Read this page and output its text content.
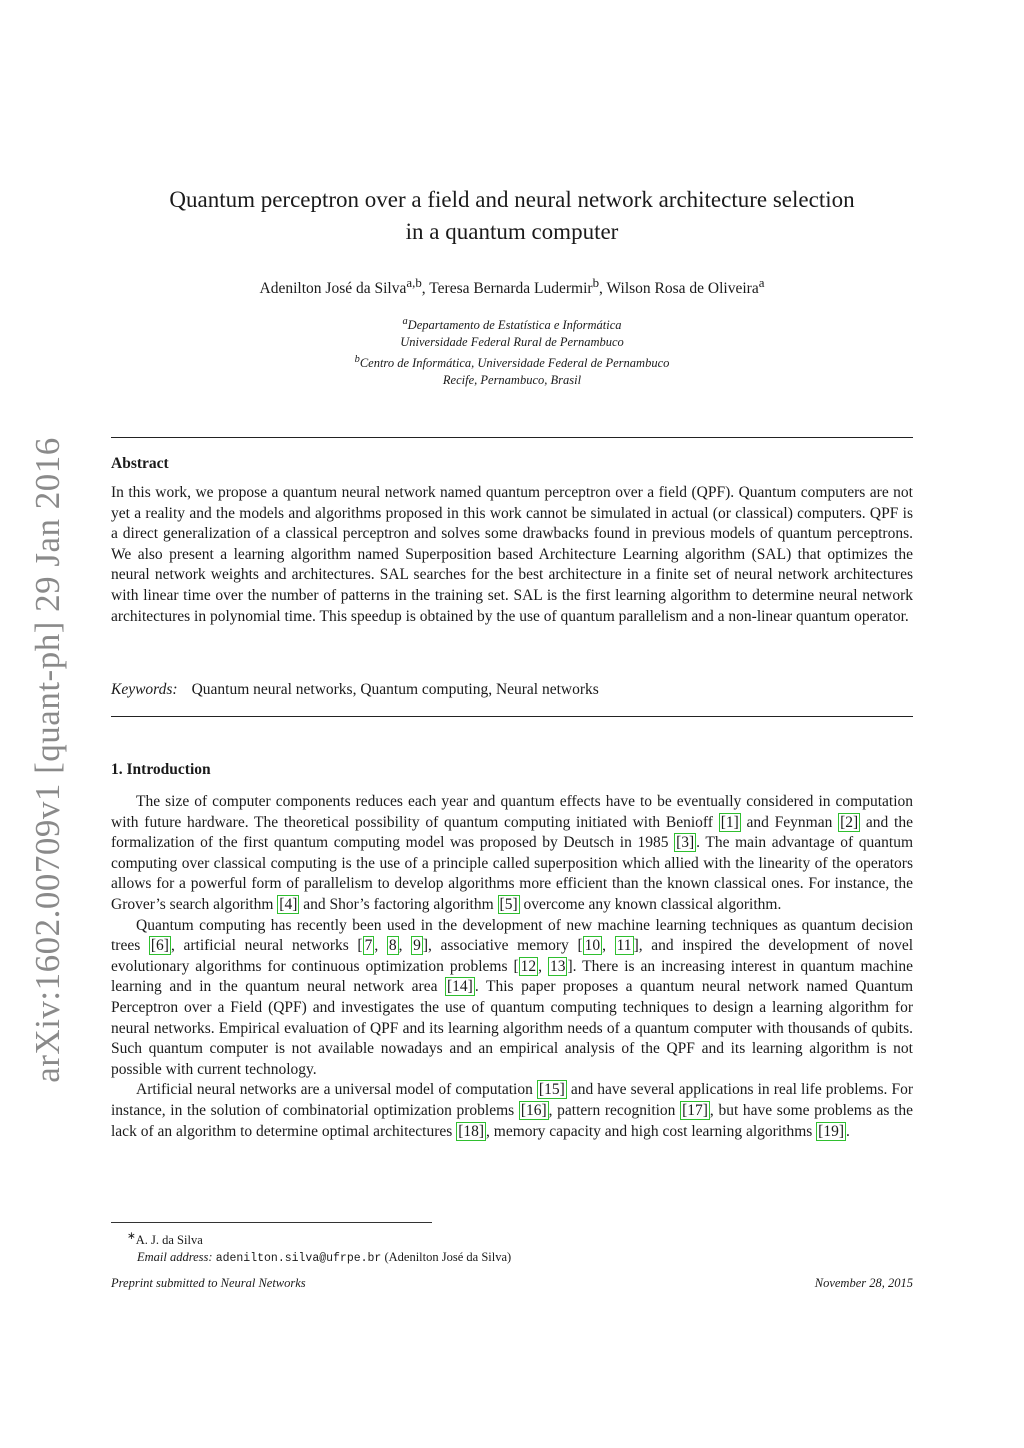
arXiv:1602.00709v1 [quant-ph] 29 Jan 2016
Quantum perceptron over a field and neural network architecture selection
in a quantum computer
Adenilton José da Silva$^{a,b}$, Teresa Bernarda Ludermir$^b$, Wilson Rosa de Oliveira$^a$
$^a$Departamento de Estatística e Informática
Universidade Federal Rural de Pernambuco
$^b$Centro de Informática, Universidade Federal de Pernambuco
Recife, Pernambuco, Brasil
Abstract
In this work, we propose a quantum neural network named quantum perceptron over a field (QPF). Quantum computers are not yet a reality and the models and algorithms proposed in this work cannot be simulated in actual (or classical) computers. QPF is a direct generalization of a classical perceptron and solves some drawbacks found in previous models of quantum perceptrons. We also present a learning algorithm named Superposition based Architecture Learning algorithm (SAL) that optimizes the neural network weights and architectures. SAL searches for the best architecture in a finite set of neural network architectures with linear time over the number of patterns in the training set. SAL is the first learning algorithm to determine neural network architectures in polynomial time. This speedup is obtained by the use of quantum parallelism and a non-linear quantum operator.
Keywords: Quantum neural networks, Quantum computing, Neural networks
1. Introduction

The size of computer components reduces each year and quantum effects have to be eventually considered in computation with future hardware. The theoretical possibility of quantum computing initiated with Benioff [1] and Feynman [2] and the formalization of the first quantum computing model was proposed by Deutsch in 1985 [3] . The main advantage of quantum computing over classical computing is the use of a principle called superposition which allied with the linearity of the operators allows for a powerful form of parallelism to develop algorithms more efficient than the known classical ones. For instance, the Grover’s search algorithm [4] and Shor’s factoring algorithm [5] overcome any known classical algorithm.

Quantum computing has recently been used in the development of new machine learning techniques as quantum decision trees [6] , artificial neural networks [ 7 , 8 , 9 ], associative memory [ 10 , 11 ], and inspired the development of novel evolutionary algorithms for continuous optimization problems [ 12 , 13 ]. There is an increasing interest in quantum machine learning and in the quantum neural network area [14] . This paper proposes a quantum neural network named Quantum Perceptron over a Field (QPF) and investigates the use of quantum computing techniques to design a learning algorithm for neural networks. Empirical evaluation of QPF and its learning algorithm needs of a quantum computer with thousands of qubits. Such quantum computer is not available nowadays and an empirical analysis of the QPF and its learning algorithm is not possible with current technology.

Artificial neural networks are a universal model of computation [15] and have several applications in real life problems. For instance, in the solution of combinatorial optimization problems [16] , pattern recognition [17] , but have some problems as the lack of an algorithm to determine optimal architectures [18] , memory capacity and high cost learning algorithms [19] .

∗A. J. da Silva
Email address: adenilton.silva@ufrpe.br (Adenilton José da Silva)
Preprint submitted to Neural Networks	November 28, 2015
